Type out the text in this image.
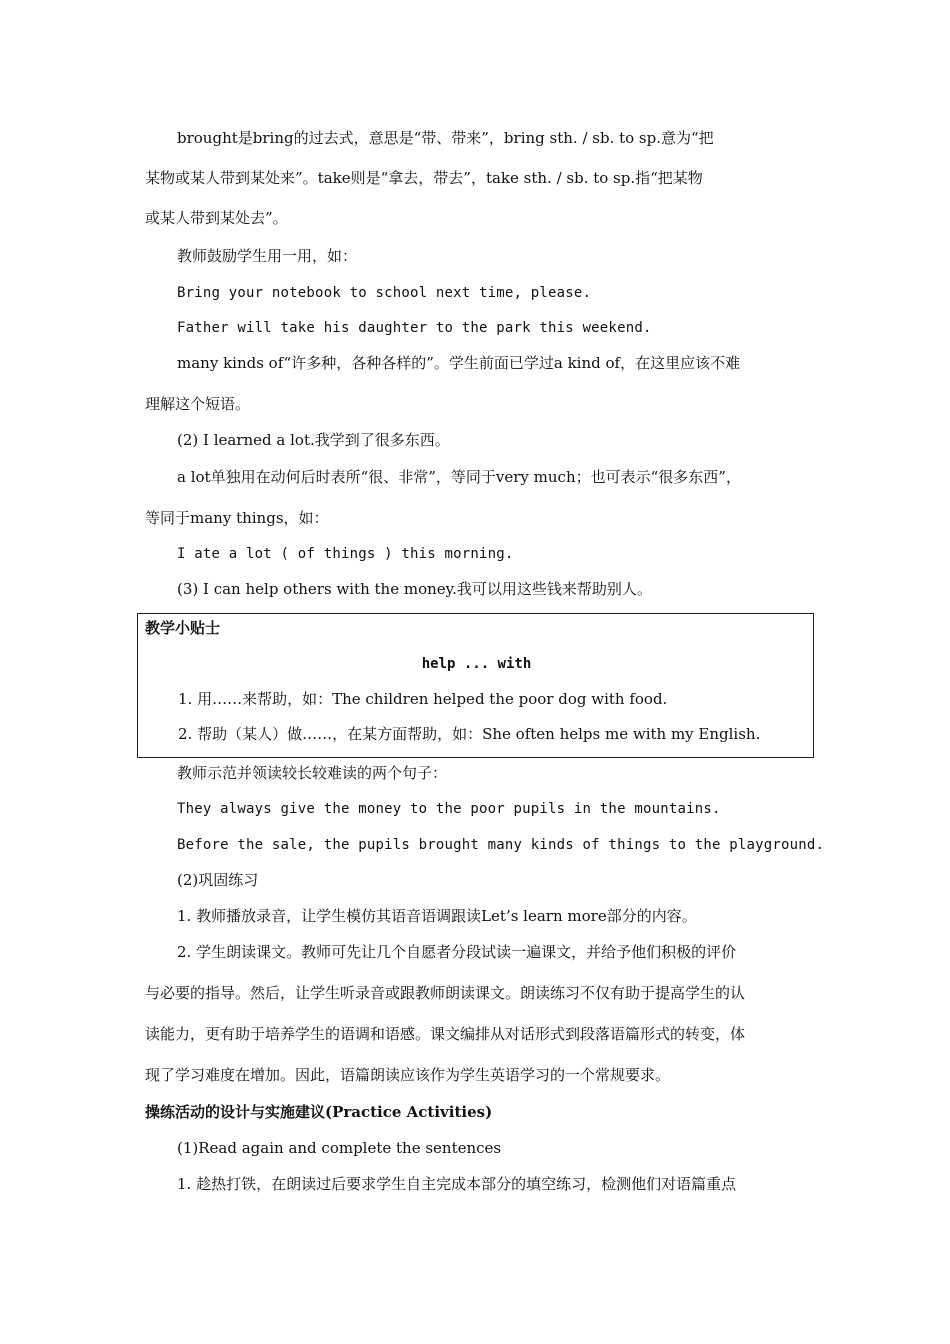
brought是bring的过去式，意思是“带、带来”，bring sth. / sb. to sp.意为“把
某物或某人带到某处来”。take则是“拿去，带去”，take sth. / sb. to sp.指“把某物
或某人带到某处去”。
教师鼓励学生用一用，如：
Bring your notebook to school next time, please.
Father will take his daughter to the park this weekend.
many kinds of“许多种，各种各样的”。学生前面已学过a kind of，在这里应该不难
理解这个短语。
(2) I learned a lot.我学到了很多东西。
a lot单独用在动何后时表所“很、非常”，等同于very much；也可表示“很多东西”，
等同于many things，如：
I ate a lot ( of things ) this morning.
(3) I can help others with the money.我可以用这些钱来帮助别人。
教学小贴士
help ... with
1. 用……来帮助，如：The children helped the poor dog with food.
2. 帮助（某人）做……，在某方面帮助，如：She often helps me with my English.
教师示范并领读较长较难读的两个句子：
They always give the money to the poor pupils in the mountains.
Before the sale, the pupils brought many kinds of things to the playground.
(2)巩固练习
1. 教师播放录音，让学生模仿其语音语调跟读Let’s learn more部分的内容。
2. 学生朗读课文。教师可先让几个自愿者分段试读一遍课文，并给予他们积极的评价
与必要的指导。然后，让学生听录音或跟教师朗读课文。朗读练习不仅有助于提高学生的认
读能力，更有助于培养学生的语调和语感。课文编排从对话形式到段落语篇形式的转变，体
现了学习难度在增加。因此，语篇朗读应该作为学生英语学习的一个常规要求。
操练活动的设计与实施建议(Practice Activities)
(1)Read again and complete the sentences
1. 趁热打铁，在朗读过后要求学生自主完成本部分的填空练习，检测他们对语篇重点
